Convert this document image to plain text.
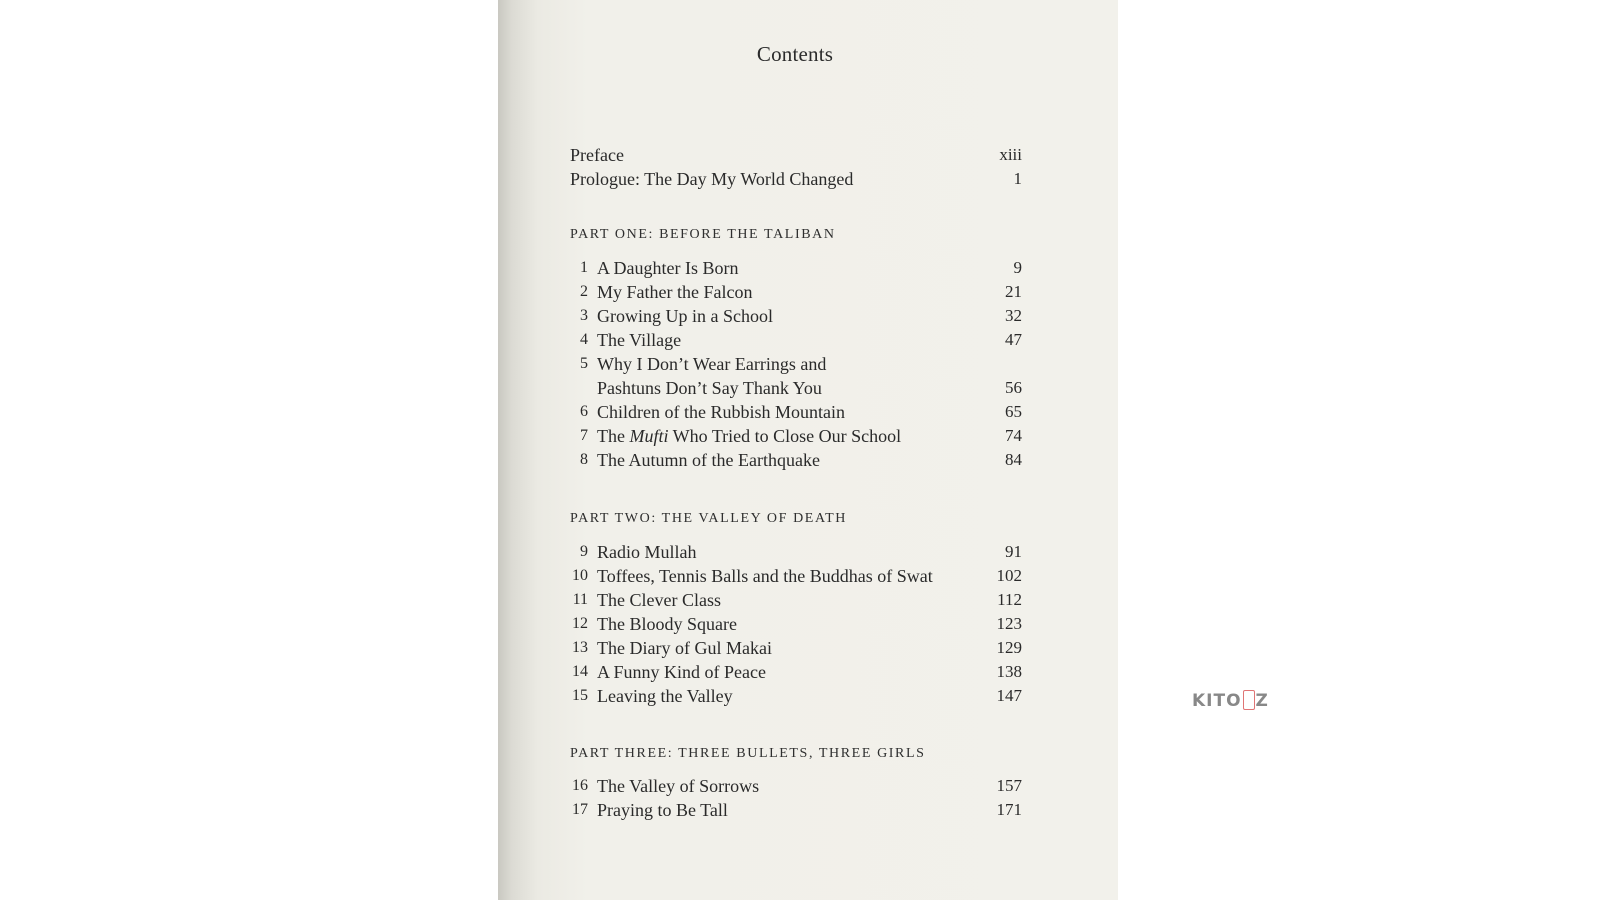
Contents
Preface	xiii
Prologue: The Day My World Changed	1
PART ONE: BEFORE THE TALIBAN
1 A Daughter Is Born	9
2 My Father the Falcon	21
3 Growing Up in a School	32
4 The Village	47
5 Why I Don’t Wear Earrings and
Pashtuns Don’t Say Thank You	56
6 Children of the Rubbish Mountain	65
7 The Mufti Who Tried to Close Our School	74
8 The Autumn of the Earthquake	84
PART TWO: THE VALLEY OF DEATH
9 Radio Mullah	91
10 Toffees, Tennis Balls and the Buddhas of Swat	102
11 The Clever Class	112
12 The Bloody Square	123
13 The Diary of Gul Makai	129
14 A Funny Kind of Peace	138
15 Leaving the Valley	147
PART THREE: THREE BULLETS, THREE GIRLS
16 The Valley of Sorrows	157
17 Praying to Be Tall	171
KITO Z
